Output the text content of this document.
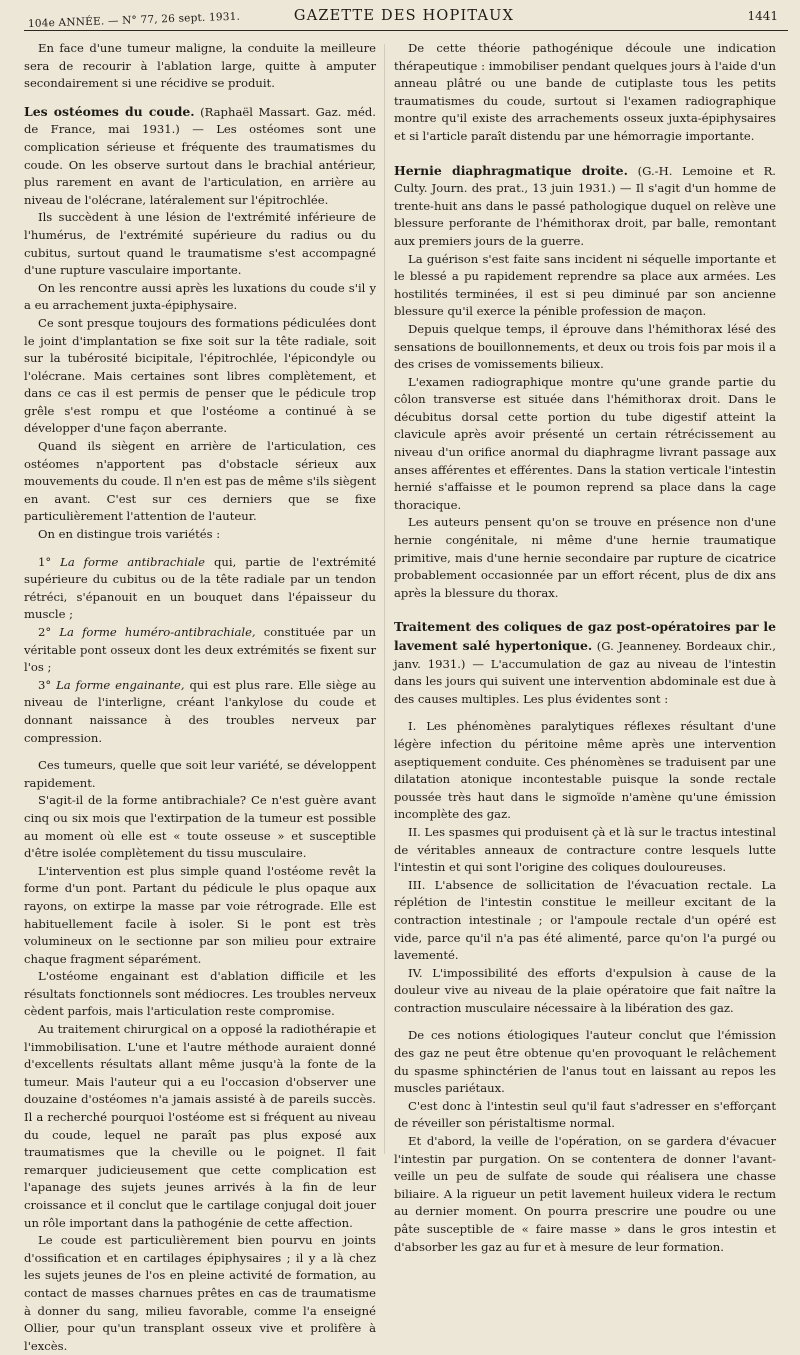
104e ANNÉE. — N° 77, 26 sept. 1931.	GAZETTE DES HOPITAUX	1441

En face d'une tumeur maligne, la conduite la meilleure sera de recourir à l'ablation large, quitte à amputer secondairement si une récidive se produit.

Les ostéomes du coude. (Raphaël Massart. Gaz. méd. de France, mai 1931.) — Les ostéomes sont une complication sérieuse et fréquente des traumatismes du coude. On les observe surtout dans le brachial antérieur, plus rarement en avant de l'articulation, en arrière au niveau de l'olécrane, latéralement sur l'épitrochlée.

Ils succèdent à une lésion de l'extrémité inférieure de l'humérus, de l'extrémité supérieure du radius ou du cubitus, surtout quand le traumatisme s'est accompagné d'une rupture vasculaire importante.

On les rencontre aussi après les luxations du coude s'il y a eu arrachement juxta-épiphysaire.

Ce sont presque toujours des formations pédiculées dont le joint d'implantation se fixe soit sur la tête radiale, soit sur la tubérosité bicipitale, l'épitrochlée, l'épicondyle ou l'olécrane. Mais certaines sont libres complètement, et dans ce cas il est permis de penser que le pédicule trop grêle s'est rompu et que l'ostéome a continué à se développer d'une façon aberrante.

Quand ils siègent en arrière de l'articulation, ces ostéomes n'apportent pas d'obstacle sérieux aux mouvements du coude. Il n'en est pas de même s'ils siègent en avant. C'est sur ces derniers que se fixe particulièrement l'attention de l'auteur.

On en distingue trois variétés :

1° La forme antibrachiale qui, partie de l'extrémité supérieure du cubitus ou de la tête radiale par un tendon rétréci, s'épanouit en un bouquet dans l'épaisseur du muscle ;

2° La forme huméro-antibrachiale, constituée par un véritable pont osseux dont les deux extrémités se fixent sur l'os ;

3° La forme engainante, qui est plus rare. Elle siège au niveau de l'interligne, créant l'ankylose du coude et donnant naissance à des troubles nerveux par compression.

Ces tumeurs, quelle que soit leur variété, se développent rapidement.

S'agit-il de la forme antibrachiale? Ce n'est guère avant cinq ou six mois que l'extirpation de la tumeur est possible au moment où elle est « toute osseuse » et susceptible d'être isolée complètement du tissu musculaire.

L'intervention est plus simple quand l'ostéome revêt la forme d'un pont. Partant du pédicule le plus opaque aux rayons, on extirpe la masse par voie rétrograde. Elle est habituellement facile à isoler. Si le pont est très volumineux on le sectionne par son milieu pour extraire chaque fragment séparément.

L'ostéome engainant est d'ablation difficile et les résultats fonctionnels sont médiocres. Les troubles nerveux cèdent parfois, mais l'articulation reste compromise.

Au traitement chirurgical on a opposé la radiothérapie et l'immobilisation. L'une et l'autre méthode auraient donné d'excellents résultats allant même jusqu'à la fonte de la tumeur. Mais l'auteur qui a eu l'occasion d'observer une douzaine d'ostéomes n'a jamais assisté à de pareils succès. Il a recherché pourquoi l'ostéome est si fréquent au niveau du coude, lequel ne paraît pas plus exposé aux traumatismes que la cheville ou le poignet. Il fait remarquer judicieusement que cette complication est l'apanage des sujets jeunes arrivés à la fin de leur croissance et il conclut que le cartilage conjugal doit jouer un rôle important dans la pathogénie de cette affection.

Le coude est particulièrement bien pourvu en joints d'ossification et en cartilages épiphysaires ; il y a là chez les sujets jeunes de l'os en pleine activité de formation, au contact de masses charnues prêtes en cas de traumatisme à donner du sang, milieu favorable, comme l'a enseigné Ollier, pour qu'un transplant osseux vive et prolifère à l'excès.

De cette théorie pathogénique découle une indication thérapeutique : immobiliser pendant quelques jours à l'aide d'un anneau plâtré ou une bande de cutiplaste tous les petits traumatismes du coude, surtout si l'examen radiographique montre qu'il existe des arrachements osseux juxta-épiphysaires et si l'article paraît distendu par une hémorragie importante.

Hernie diaphragmatique droite. (G.-H. Lemoine et R. Culty. Journ. des prat., 13 juin 1931.) — Il s'agit d'un homme de trente-huit ans dans le passé pathologique duquel on relève une blessure perforante de l'hémithorax droit, par balle, remontant aux premiers jours de la guerre.

La guérison s'est faite sans incident ni séquelle importante et le blessé a pu rapidement reprendre sa place aux armées. Les hostilités terminées, il est si peu diminué par son ancienne blessure qu'il exerce la pénible profession de maçon.

Depuis quelque temps, il éprouve dans l'hémithorax lésé des sensations de bouillonnements, et deux ou trois fois par mois il a des crises de vomissements bilieux.

L'examen radiographique montre qu'une grande partie du côlon transverse est située dans l'hémithorax droit. Dans le décubitus dorsal cette portion du tube digestif atteint la clavicule après avoir présenté un certain rétrécissement au niveau d'un orifice anormal du diaphragme livrant passage aux anses afférentes et efférentes. Dans la station verticale l'intestin hernié s'affaisse et le poumon reprend sa place dans la cage thoracique.

Les auteurs pensent qu'on se trouve en présence non d'une hernie congénitale, ni même d'une hernie traumatique primitive, mais d'une hernie secondaire par rupture de cicatrice probablement occasionnée par un effort récent, plus de dix ans après la blessure du thorax.

Traitement des coliques de gaz post-opératoires par le lavement salé hypertonique. (G. Jeanneney. Bordeaux chir., janv. 1931.) — L'accumulation de gaz au niveau de l'intestin dans les jours qui suivent une intervention abdominale est due à des causes multiples. Les plus évidentes sont :

I. Les phénomènes paralytiques réflexes résultant d'une légère infection du péritoine même après une intervention aseptiquement conduite. Ces phénomènes se traduisent par une dilatation atonique incontestable puisque la sonde rectale poussée très haut dans le sigmoïde n'amène qu'une émission incomplète des gaz.

II. Les spasmes qui produisent çà et là sur le tractus intestinal de véritables anneaux de contracture contre lesquels lutte l'intestin et qui sont l'origine des coliques douloureuses.

III. L'absence de sollicitation de l'évacuation rectale. La réplétion de l'intestin constitue le meilleur excitant de la contraction intestinale ; or l'ampoule rectale d'un opéré est vide, parce qu'il n'a pas été alimenté, parce qu'on l'a purgé ou lavementé.

IV. L'impossibilité des efforts d'expulsion à cause de la douleur vive au niveau de la plaie opératoire que fait naître la contraction musculaire nécessaire à la libération des gaz.

De ces notions étiologiques l'auteur conclut que l'émission des gaz ne peut être obtenue qu'en provoquant le relâchement du spasme sphinctérien de l'anus tout en laissant au repos les muscles pariétaux.

C'est donc à l'intestin seul qu'il faut s'adresser en s'efforçant de réveiller son péristaltisme normal.

Et d'abord, la veille de l'opération, on se gardera d'évacuer l'intestin par purgation. On se contentera de donner l'avant-veille un peu de sulfate de soude qui réalisera une chasse biliaire. A la rigueur un petit lavement huileux videra le rectum au dernier moment. On pourra prescrire une poudre ou une pâte susceptible de « faire masse » dans le gros intestin et d'absorber les gaz au fur et à mesure de leur formation.
